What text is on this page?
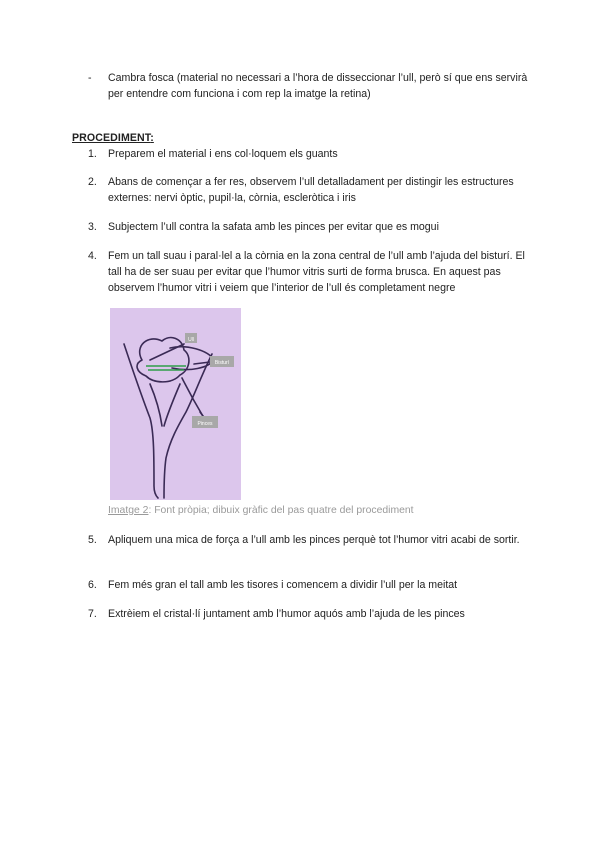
- Cambra fosca (material no necessari a l’hora de disseccionar l’ull, però sí que ens servirà per entendre com funciona i com rep la imatge la retina)
PROCEDIMENT:
1. Preparem el material i ens col·loquem els guants
2. Abans de començar a fer res, observem l’ull detalladament per distingir les estructures externes: nervi òptic, pupil·la, còrnia, escleròtica i iris
3. Subjectem l’ull contra la safata amb les pinces per evitar que es mogui
4. Fem un tall suau i paral·lel a la còrnia en la zona central de l’ull amb l’ajuda del bisturí. El tall ha de ser suau per evitar que l’humor vitris surti de forma brusca. En aquest pas observem l’humor vitri i veiem que l’interior de l’ull és completament negre
Ull
Bisturí
Pinces
Imatge 2: Font pròpia; dibuix gràfic del pas quatre del procediment
5. Apliquem una mica de força a l’ull amb les pinces perquè tot l’humor vitri acabi de sortir.
6. Fem més gran el tall amb les tisores i comencem a dividir l’ull per la meitat
7. Extrèiem el cristal·lí juntament amb l’humor aquós amb l’ajuda de les pinces
